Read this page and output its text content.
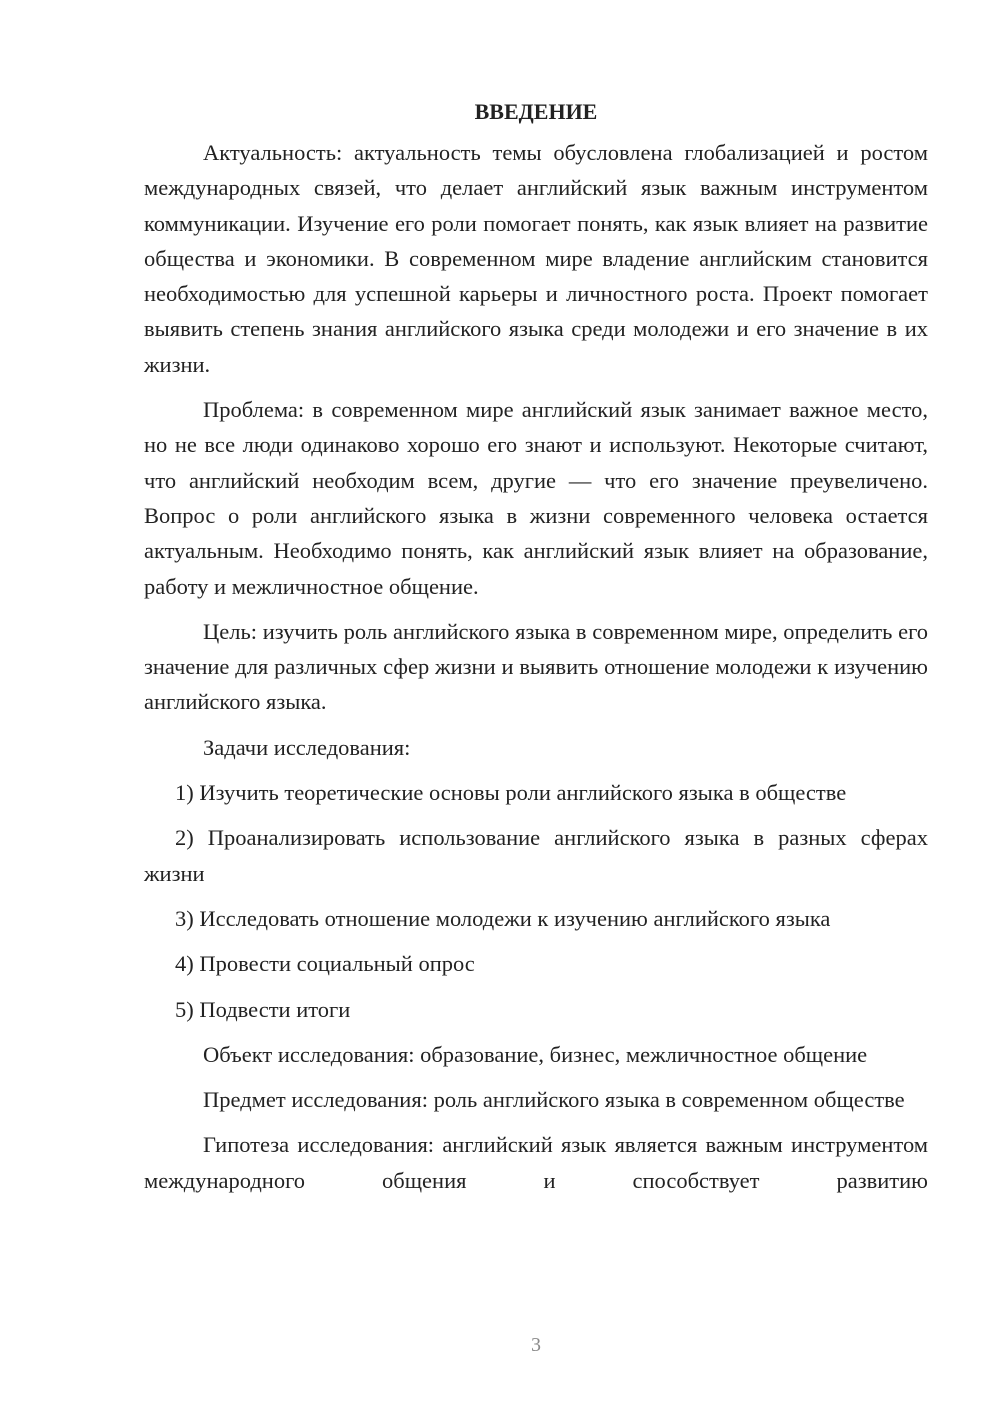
ВВЕДЕНИЕ

Актуальность: актуальность темы обусловлена глобализацией и ростом международных связей, что делает английский язык важным инструментом коммуникации. Изучение его роли помогает понять, как язык влияет на развитие общества и экономики. В современном мире владение английским становится необходимостью для успешной карьеры и личностного роста. Проект помогает выявить степень знания английского языка среди молодежи и его значение в их жизни.

Проблема: в современном мире английский язык занимает важное место, но не все люди одинаково хорошо его знают и используют. Некоторые считают, что английский необходим всем, другие — что его значение преувеличено. Вопрос о роли английского языка в жизни современного человека остается актуальным. Необходимо понять, как английский язык влияет на образование, работу и межличностное общение.

Цель: изучить роль английского языка в современном мире, определить его значение для различных сфер жизни и выявить отношение молодежи к изучению английского языка.

Задачи исследования:

1) Изучить теоретические основы роли английского языка в обществе

2) Проанализировать использование английского языка в разных сферах жизни

3) Исследовать отношение молодежи к изучению английского языка

4) Провести социальный опрос

5) Подвести итоги

Объект исследования: образование, бизнес, межличностное общение

Предмет исследования: роль английского языка в современном обществе

Гипотеза исследования: английский язык является важным инструментом международного общения и способствует развитию

3
